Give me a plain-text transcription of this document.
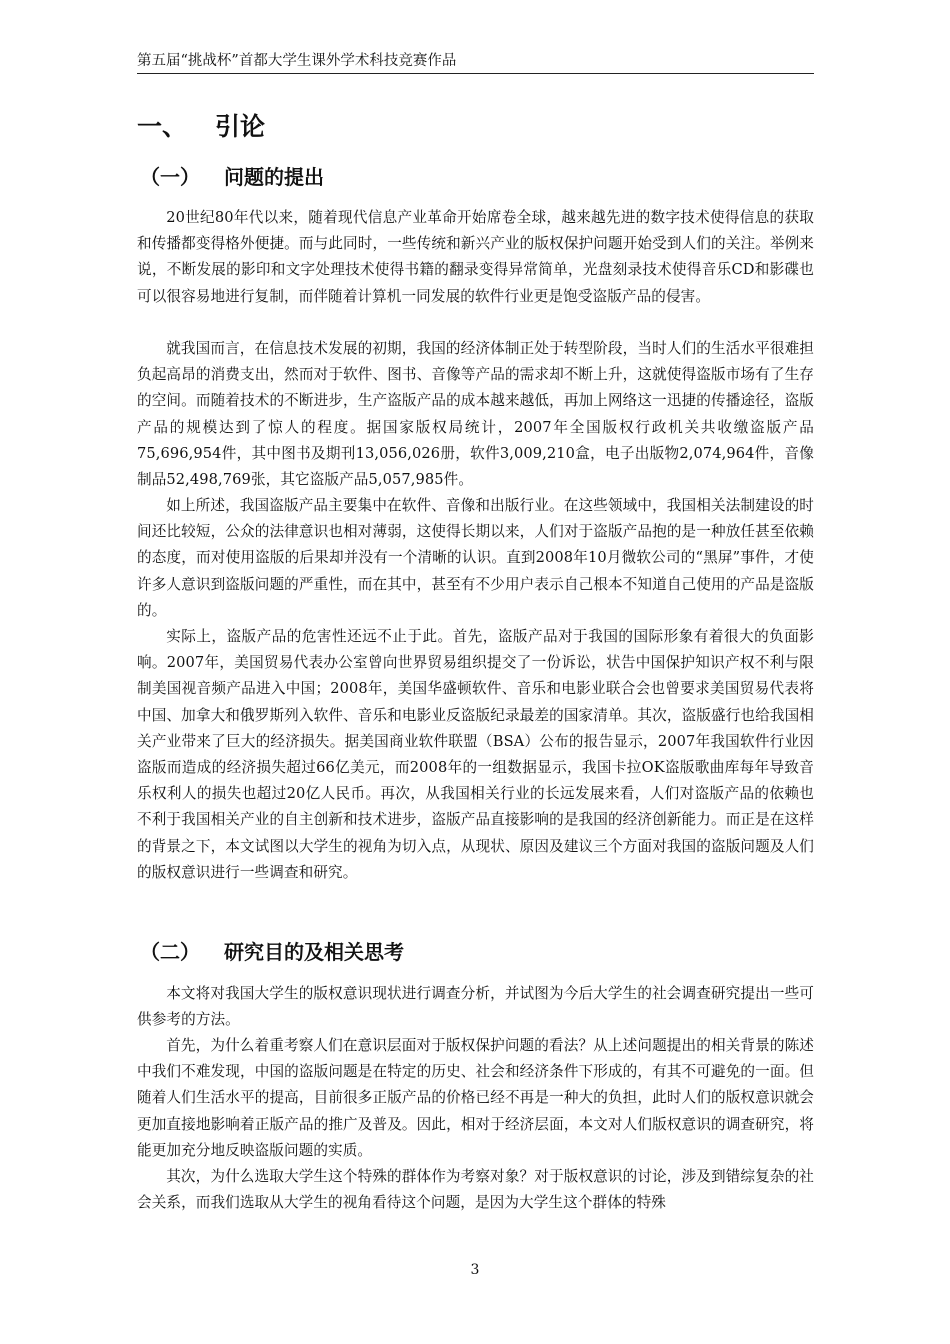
第五届“挑战杯”首都大学生课外学术科技竞赛作品
一、 引论
（一） 问题的提出

20世纪80年代以来，随着现代信息产业革命开始席卷全球，越来越先进的数字技术使得信息的获取和传播都变得格外便捷。而与此同时，一些传统和新兴产业的版权保护问题开始受到人们的关注。举例来说，不断发展的影印和文字处理技术使得书籍的翻录变得异常简单，光盘刻录技术使得音乐CD和影碟也可以很容易地进行复制，而伴随着计算机一同发展的软件行业更是饱受盗版产品的侵害。

就我国而言，在信息技术发展的初期，我国的经济体制正处于转型阶段，当时人们的生活水平很难担负起高昂的消费支出，然而对于软件、图书、音像等产品的需求却不断上升，这就使得盗版市场有了生存的空间。而随着技术的不断进步，生产盗版产品的成本越来越低，再加上网络这一迅捷的传播途径，盗版产品的规模达到了惊人的程度。据国家版权局统计，2007年全国版权行政机关共收缴盗版产品75,696,954件，其中图书及期刊13,056,026册，软件3,009,210盒，电子出版物2,074,964件，音像制品52,498,769张，其它盗版产品5,057,985件。

如上所述，我国盗版产品主要集中在软件、音像和出版行业。在这些领域中，我国相关法制建设的时间还比较短，公众的法律意识也相对薄弱，这使得长期以来，人们对于盗版产品抱的是一种放任甚至依赖的态度，而对使用盗版的后果却并没有一个清晰的认识。直到2008年10月微软公司的“黑屏”事件，才使许多人意识到盗版问题的严重性，而在其中，甚至有不少用户表示自己根本不知道自己使用的产品是盗版的。

实际上，盗版产品的危害性还远不止于此。首先，盗版产品对于我国的国际形象有着很大的负面影响。2007年，美国贸易代表办公室曾向世界贸易组织提交了一份诉讼，状告中国保护知识产权不利与限制美国视音频产品进入中国；2008年，美国华盛顿软件、音乐和电影业联合会也曾要求美国贸易代表将中国、加拿大和俄罗斯列入软件、音乐和电影业反盗版纪录最差的国家清单。其次，盗版盛行也给我国相关产业带来了巨大的经济损失。据美国商业软件联盟（BSA）公布的报告显示，2007年我国软件行业因盗版而造成的经济损失超过66亿美元，而2008年的一组数据显示，我国卡拉OK盗版歌曲库每年导致音乐权利人的损失也超过20亿人民币。再次，从我国相关行业的长远发展来看，人们对盗版产品的依赖也不利于我国相关产业的自主创新和技术进步，盗版产品直接影响的是我国的经济创新能力。而正是在这样的背景之下，本文试图以大学生的视角为切入点，从现状、原因及建议三个方面对我国的盗版问题及人们的版权意识进行一些调查和研究。

（二） 研究目的及相关思考

本文将对我国大学生的版权意识现状进行调查分析，并试图为今后大学生的社会调查研究提出一些可供参考的方法。

首先，为什么着重考察人们在意识层面对于版权保护问题的看法？从上述问题提出的相关背景的陈述中我们不难发现，中国的盗版问题是在特定的历史、社会和经济条件下形成的，有其不可避免的一面。但随着人们生活水平的提高，目前很多正版产品的价格已经不再是一种大的负担，此时人们的版权意识就会更加直接地影响着正版产品的推广及普及。因此，相对于经济层面，本文对人们版权意识的调查研究，将能更加充分地反映盗版问题的实质。

其次，为什么选取大学生这个特殊的群体作为考察对象？对于版权意识的讨论，涉及到错综复杂的社会关系，而我们选取从大学生的视角看待这个问题，是因为大学生这个群体的特殊

3
